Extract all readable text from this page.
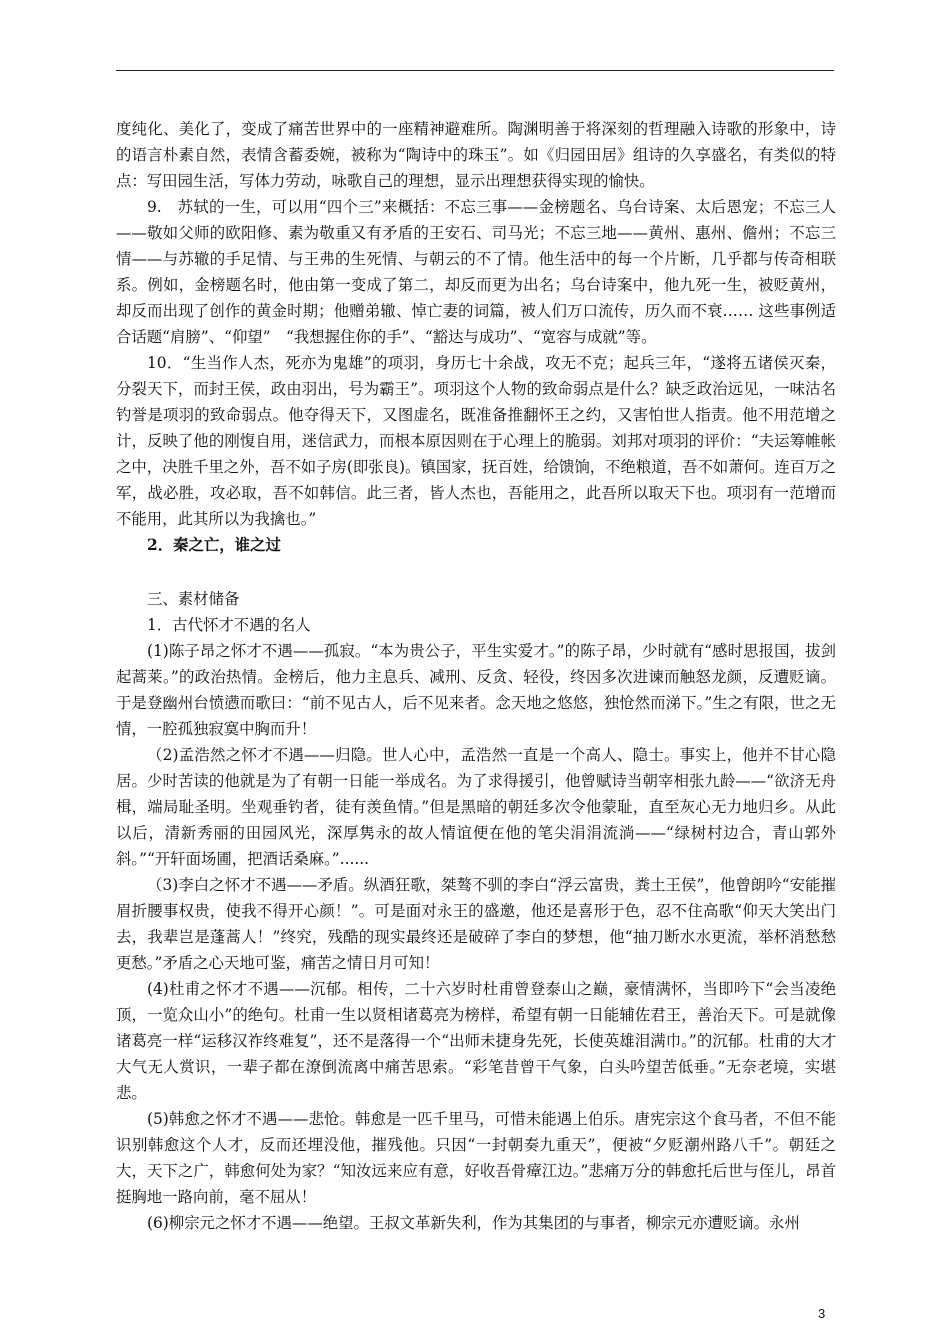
度纯化、美化了，变成了痛苦世界中的一座精神避难所。陶渊明善于将深刻的哲理融入诗歌的形象中，诗的语言朴素自然，表情含蓄委婉，被称为“陶诗中的珠玉”。如《归园田居》组诗的久享盛名，有类似的特点：写田园生活，写体力劳动，咏歌自己的理想，显示出理想获得实现的愉快。

9.　苏轼的一生，可以用“四个三”来概括：不忘三事——金榜题名、乌台诗案、太后恩宠；不忘三人——敬如父师的欧阳修、素为敬重又有矛盾的王安石、司马光；不忘三地——黄州、惠州、儋州；不忘三情——与苏辙的手足情、与王弗的生死情、与朝云的不了情。他生活中的每一个片断，几乎都与传奇相联系。例如，金榜题名时，他由第一变成了第二，却反而更为出名；乌台诗案中，他九死一生，被贬黄州，却反而出现了创作的黄金时期；他赠弟辙、悼亡妻的词篇，被人们万口流传，历久而不衰…… 这些事例适合话题“肩膀”、“仰望”　“我想握住你的手”、“豁达与成功”、“宽容与成就”等。

10．“生当作人杰，死亦为鬼雄”的项羽，身历七十余战，攻无不克；起兵三年，“遂将五诸侯灭秦，分裂天下，而封王侯，政由羽出，号为霸王”。项羽这个人物的致命弱点是什么？缺乏政治远见，一味沽名钓誉是项羽的致命弱点。他夺得天下，又图虚名，既准备推翻怀王之约，又害怕世人指责。他不用范增之计，反映了他的刚愎自用，迷信武力，而根本原因则在于心理上的脆弱。刘邦对项羽的评价：“夫运筹帷帐之中，决胜千里之外，吾不如子房(即张良)。镇国家，抚百姓，给馈饷，不绝粮道，吾不如萧何。连百万之军，战必胜，攻必取，吾不如韩信。此三者，皆人杰也，吾能用之，此吾所以取天下也。项羽有一范增而不能用，此其所以为我擒也。”

2．秦之亡，谁之过

三、素材储备

1．古代怀才不遇的名人

(1)陈子昂之怀才不遇——孤寂。“本为贵公子，平生实爱才。”的陈子昂，少时就有“感时思报国，拔剑起蒿莱。”的政治热情。金榜后，他力主息兵、减刑、反贪、轻役，终因多次进谏而触怒龙颜，反遭贬谪。于是登幽州台愤懑而歌曰：“前不见古人，后不见来者。念天地之悠悠，独怆然而涕下。”生之有限，世之无情，一腔孤独寂寞中胸而升！

（2)孟浩然之怀才不遇——归隐。世人心中，孟浩然一直是一个高人、隐士。事实上，他并不甘心隐居。少时苦读的他就是为了有朝一日能一举成名。为了求得援引，他曾赋诗当朝宰相张九龄——“欲济无舟楫，端局耻圣明。坐观垂钓者，徒有羡鱼情。”但是黑暗的朝廷多次令他蒙耻，直至灰心无力地归乡。从此以后，清新秀丽的田园风光，深厚隽永的故人情谊便在他的笔尖涓涓流淌——“绿树村边合，青山郭外斜。”“开轩面场圃，把酒话桑麻。”......

（3)李白之怀才不遇——矛盾。纵酒狂歌，桀骜不驯的李白“浮云富贵，粪土王侯”，他曾朗吟“安能摧眉折腰事权贵，使我不得开心颜！”。可是面对永王的盛邀，他还是喜形于色，忍不住高歌“仰天大笑出门去，我辈岂是蓬蒿人！”终究，残酷的现实最终还是破碎了李白的梦想，他“抽刀断水水更流，举杯消愁愁更愁。”矛盾之心天地可鉴，痛苦之情日月可知！

(4)杜甫之怀才不遇——沉郁。相传，二十六岁时杜甫曾登泰山之巅，豪情满怀，当即吟下“会当凌绝顶，一览众山小”的绝句。杜甫一生以贤相诸葛亮为榜样，希望有朝一日能辅佐君王，善治天下。可是就像诸葛亮一样“运移汉祚终难复”，还不是落得一个“出师未捷身先死，长使英雄泪满巾。”的沉郁。杜甫的大才大气无人赏识，一辈子都在潦倒流离中痛苦思索。“彩笔昔曾干气象，白头吟望苦低垂。”无奈老境，实堪悲。

(5)韩愈之怀才不遇——悲怆。韩愈是一匹千里马，可惜未能遇上伯乐。唐宪宗这个食马者，不但不能识别韩愈这个人才，反而还埋没他，摧残他。只因“一封朝奏九重天”，便被“夕贬潮州路八千”。朝廷之大，天下之广，韩愈何处为家？“知汝远来应有意，好收吾骨瘴江边。”悲痛万分的韩愈托后世与侄儿，昂首挺胸地一路向前，毫不屈从！

(6)柳宗元之怀才不遇——绝望。王叔文革新失利，作为其集团的与事者，柳宗元亦遭贬谪。永州

3
